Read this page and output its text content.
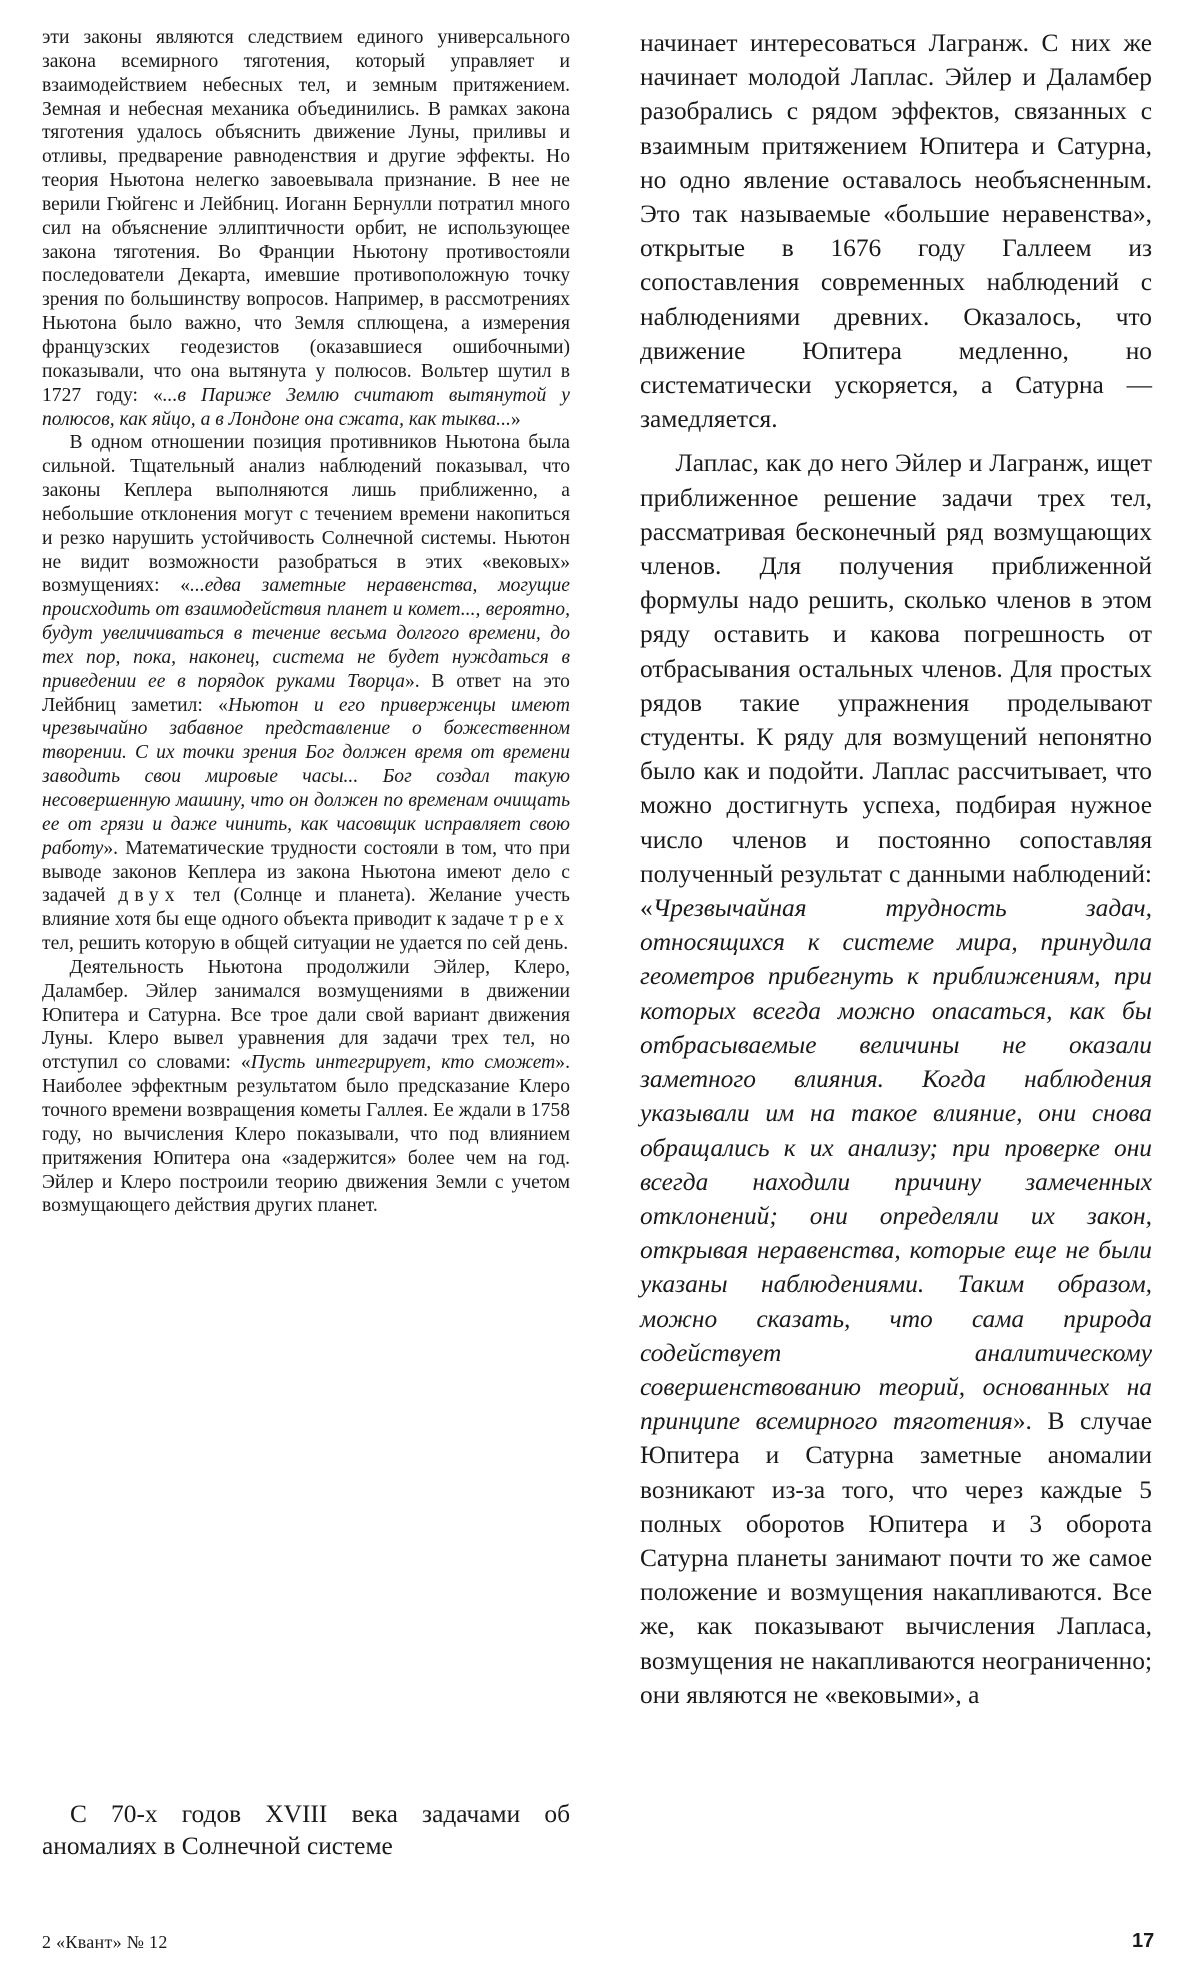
эти законы являются следствием единого универсального закона всемирного тяготения, который управляет и взаимодействием небесных тел, и земным притяжением. Земная и небесная механика объединились. В рамках закона тяготения удалось объяснить движение Луны, приливы и отливы, предварение равноденствия и другие эффекты. Но теория Ньютона нелегко завоевывала признание. В нее не верили Гюйгенс и Лейбниц. Иоганн Бернулли потратил много сил на объяснение эллиптичности орбит, не использующее закона тяготения. Во Франции Ньютону противостояли последователи Декарта, имевшие противоположную точку зрения по большинству вопросов. Например, в рассмотрениях Ньютона было важно, что Земля сплющена, а измерения французских геодезистов (оказавшиеся ошибочными) показывали, что она вытянута у полюсов. Вольтер шутил в 1727 году: «...в Париже Землю считают вытянутой у полюсов, как яйцо, а в Лондоне она сжата, как тыква...»

В одном отношении позиция противников Ньютона была сильной. Тщательный анализ наблюдений показывал, что законы Кеплера выполняются лишь приближенно, а небольшие отклонения могут с течением времени накопиться и резко нарушить устойчивость Солнечной системы. Ньютон не видит возможности разобраться в этих «вековых» возмущениях: «...едва заметные неравенства, могущие происходить от взаимодействия планет и комет..., вероятно, будут увеличиваться в течение весьма долгого времени, до тех пор, пока, наконец, система не будет нуждаться в приведении ее в порядок руками Творца». В ответ на это Лейбниц заметил: «Ньютон и его приверженцы имеют чрезвычайно забавное представление о божественном творении. С их точки зрения Бог должен время от времени заводить свои мировые часы... Бог создал такую несовершенную машину, что он должен по временам очищать ее от грязи и даже чинить, как часовщик исправляет свою работу». Математические трудности состояли в том, что при выводе законов Кеплера из закона Ньютона имеют дело с задачей двух тел (Солнце и планета). Желание учесть влияние хотя бы еще одного объекта приводит к задаче трех тел, решить которую в общей ситуации не удается по сей день.

Деятельность Ньютона продолжили Эйлер, Клеро, Даламбер. Эйлер занимался возмущениями в движении Юпитера и Сатурна. Все трое дали свой вариант движения Луны. Клеро вывел уравнения для задачи трех тел, но отступил со словами: «Пусть интегрирует, кто сможет». Наиболее эффектным результатом было предсказание Клеро точного времени возвращения кометы Галлея. Ее ждали в 1758 году, но вычисления Клеро показывали, что под влиянием притяжения Юпитера она «задержится» более чем на год. Эйлер и Клеро построили теорию движения Земли с учетом возмущающего действия других планет.

С 70-х годов XVIII века задачами об аномалиях в Солнечной системе

начинает интересоваться Лагранж. С них же начинает молодой Лаплас. Эйлер и Даламбер разобрались с рядом эффектов, связанных с взаимным притяжением Юпитера и Сатурна, но одно явление оставалось необъясненным. Это так называемые «большие неравенства», открытые в 1676 году Галлеем из сопоставления современных наблюдений с наблюдениями древних. Оказалось, что движение Юпитера медленно, но систематически ускоряется, а Сатурна — замедляется.

Лаплас, как до него Эйлер и Лагранж, ищет приближенное решение задачи трех тел, рассматривая бесконечный ряд возмущающих членов. Для получения приближенной формулы надо решить, сколько членов в этом ряду оставить и какова погрешность от отбрасывания остальных членов. Для простых рядов такие упражнения проделывают студенты. К ряду для возмущений непонятно было как и подойти. Лаплас рассчитывает, что можно достигнуть успеха, подбирая нужное число членов и постоянно сопоставляя полученный результат с данными наблюдений: «Чрезвычайная трудность задач, относящихся к системе мира, принудила геометров прибегнуть к приближениям, при которых всегда можно опасаться, как бы отбрасываемые величины не оказали заметного влияния. Когда наблюдения указывали им на такое влияние, они снова обращались к их анализу; при проверке они всегда находили причину замеченных отклонений; они определяли их закон, открывая неравенства, которые еще не были указаны наблюдениями. Таким образом, можно сказать, что сама природа содействует аналитическому совершенствованию теорий, основанных на принципе всемирного тяготения». В случае Юпитера и Сатурна заметные аномалии возникают из-за того, что через каждые 5 полных оборотов Юпитера и 3 оборота Сатурна планеты занимают почти то же самое положение и возмущения накапливаются. Все же, как показывают вычисления Лапласа, возмущения не накапливаются неограниченно; они являются не «вековыми», а

2 «Квант» № 12	17
